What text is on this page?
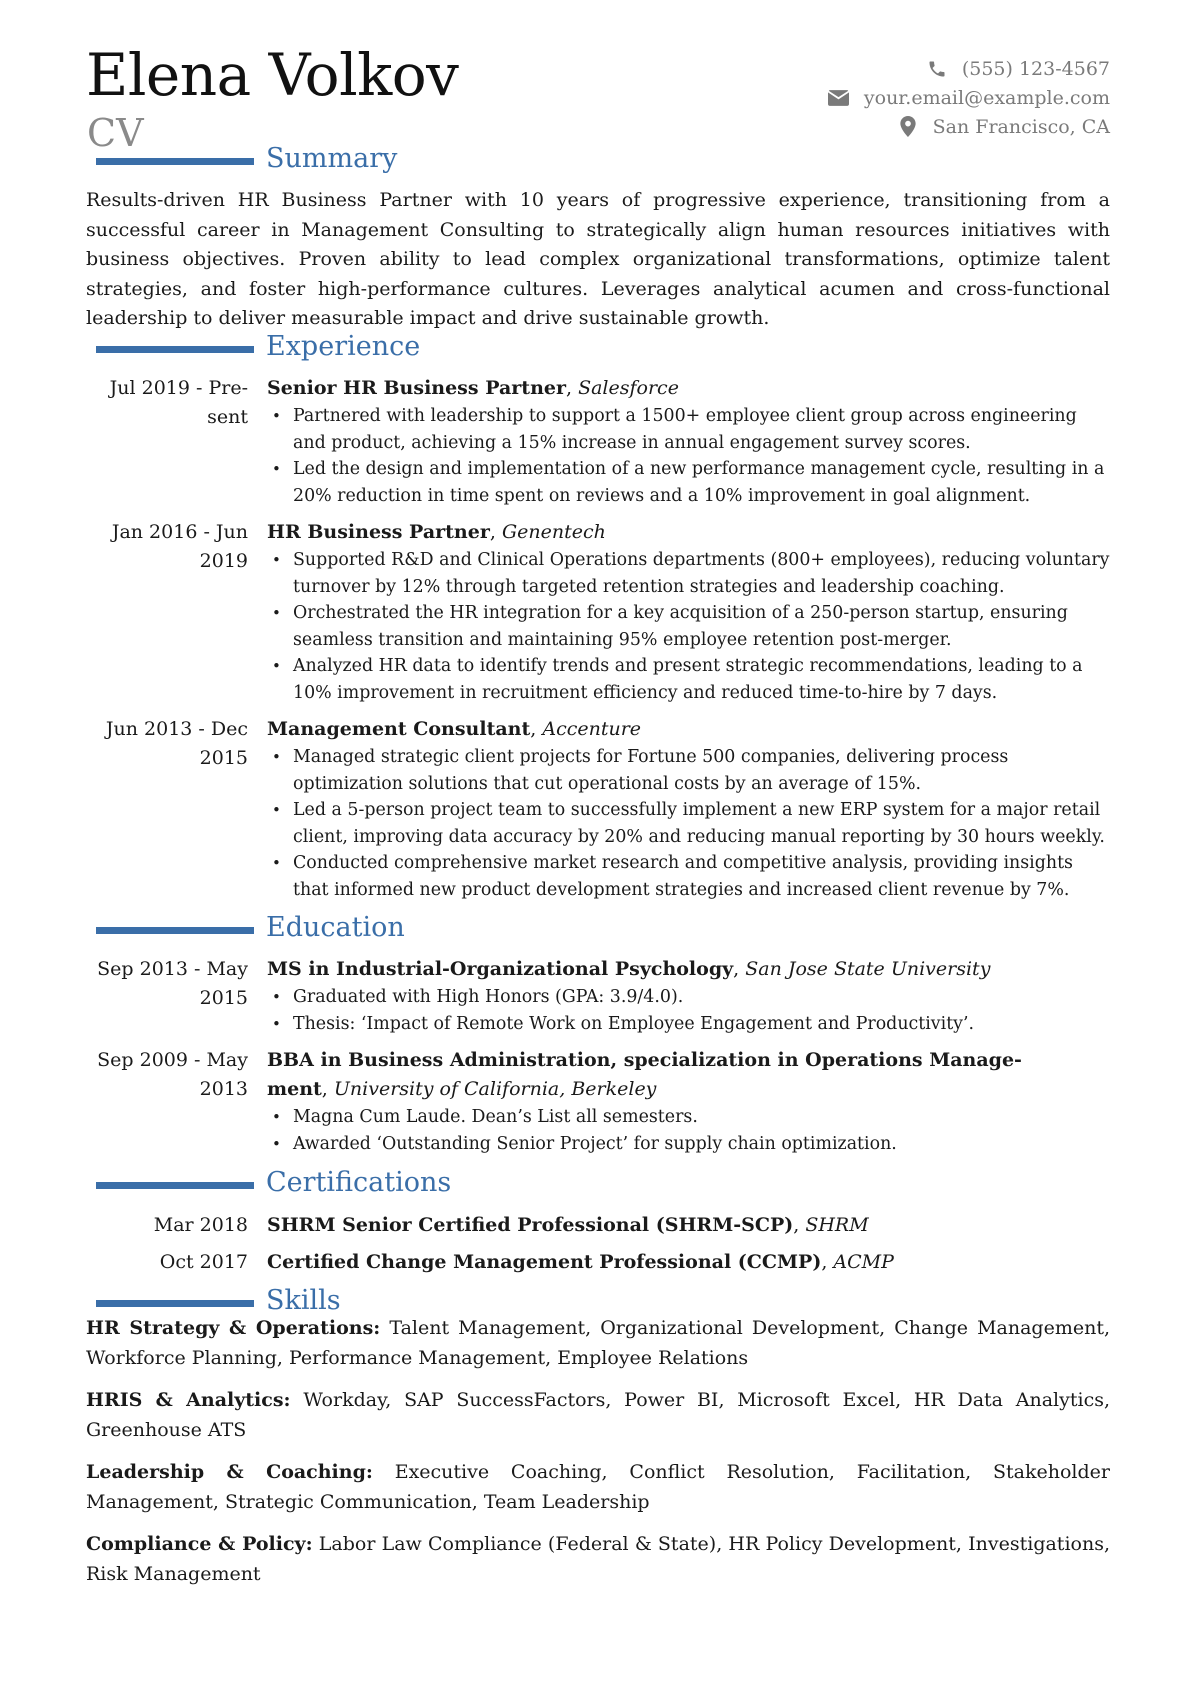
Elena Volkov
CV
(555) 123-4567
your.email@example.com
San Francisco, CA
Summary
Results-driven HR Business Partner with 10 years of progressive experience, transitioning from a successful career in Management Consulting to strategically align human resources initiatives with business objectives. Proven ability to lead complex organizational transformations, optimize talent strategies, and foster high-performance cultures. Leverages analytical acumen and cross-functional leadership to deliver measurable impact and drive sustainable growth.
Experience
Jul 2019 - Pre-
sent
Senior HR Business Partner, Salesforce
• Partnered with leadership to support a 1500+ employee client group across engineering and product, achieving a 15% increase in annual engagement survey scores.
• Led the design and implementation of a new performance management cycle, resulting in a 20% reduction in time spent on reviews and a 10% improvement in goal alignment.
Jan 2016 - Jun
2019
HR Business Partner, Genentech
• Supported R&D and Clinical Operations departments (800+ employees), reducing voluntary turnover by 12% through targeted retention strategies and leadership coaching.
• Orchestrated the HR integration for a key acquisition of a 250-person startup, ensuring seamless transition and maintaining 95% employee retention post-merger.
• Analyzed HR data to identify trends and present strategic recommendations, leading to a 10% improvement in recruitment efficiency and reduced time-to-hire by 7 days.
Jun 2013 - Dec
2015
Management Consultant, Accenture
• Managed strategic client projects for Fortune 500 companies, delivering process optimization solutions that cut operational costs by an average of 15%.
• Led a 5-person project team to successfully implement a new ERP system for a major retail client, improving data accuracy by 20% and reducing manual reporting by 30 hours weekly.
• Conducted comprehensive market research and competitive analysis, providing insights that informed new product development strategies and increased client revenue by 7%.
Education
Sep 2013 - May
2015
MS in Industrial-Organizational Psychology, San Jose State University
• Graduated with High Honors (GPA: 3.9/4.0).
• Thesis: ‘Impact of Remote Work on Employee Engagement and Productivity’.
Sep 2009 - May
2013
BBA in Business Administration, specialization in Operations Manage-
ment, University of California, Berkeley
• Magna Cum Laude. Dean’s List all semesters.
• Awarded ‘Outstanding Senior Project’ for supply chain optimization.
Certifications
Mar 2018 SHRM Senior Certified Professional (SHRM-SCP), SHRM
Oct 2017 Certified Change Management Professional (CCMP), ACMP
Skills
HR Strategy & Operations: Talent Management, Organizational Development, Change Management, Workforce Planning, Performance Management, Employee Relations
HRIS & Analytics: Workday, SAP SuccessFactors, Power BI, Microsoft Excel, HR Data Analytics, Greenhouse ATS
Leadership & Coaching: Executive Coaching, Conflict Resolution, Facilitation, Stakeholder Management, Strategic Communication, Team Leadership
Compliance & Policy: Labor Law Compliance (Federal & State), HR Policy Development, Investigations, Risk Management
